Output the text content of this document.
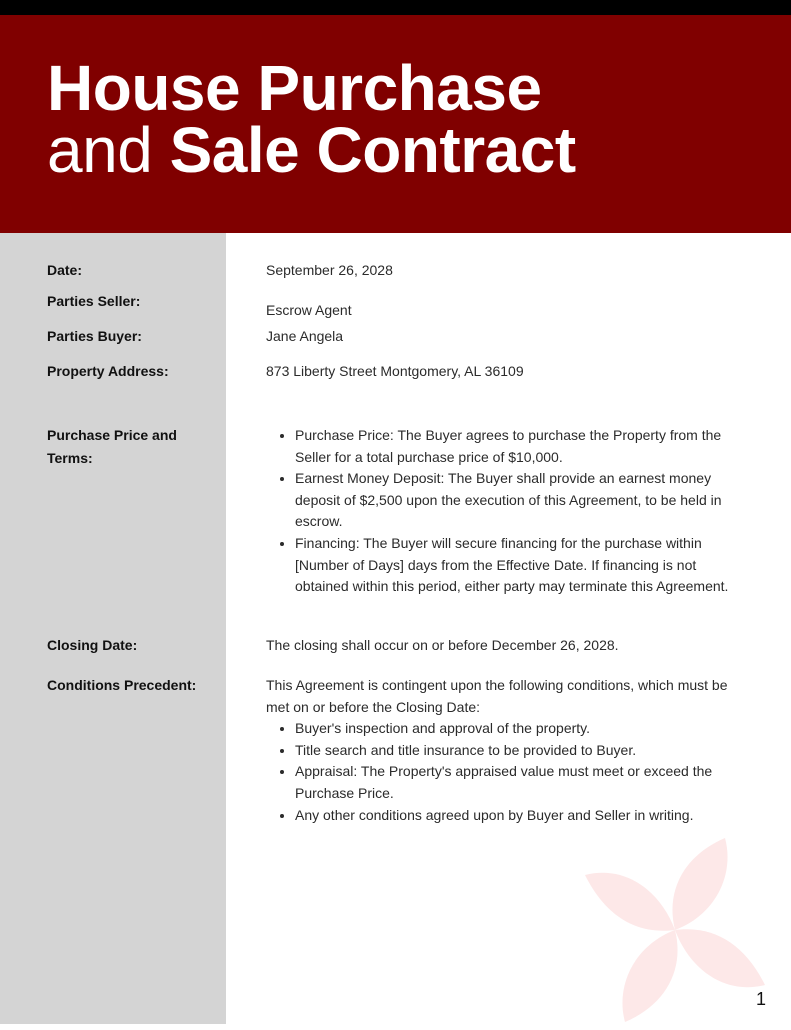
House Purchase
and Sale Contract
Date:	September 26, 2028
Parties Seller:
Escrow Agent
Parties Buyer:	Jane Angela
Property Address:	873 Liberty Street Montgomery, AL 36109
Purchase Price and Terms:
• Purchase Price: The Buyer agrees to purchase the Property from the Seller for a total purchase price of $10,000.
• Earnest Money Deposit: The Buyer shall provide an earnest money deposit of $2,500 upon the execution of this Agreement, to be held in escrow.
• Financing: The Buyer will secure financing for the purchase within [Number of Days] days from the Effective Date. If financing is not obtained within this period, either party may terminate this Agreement.
Closing Date:	The closing shall occur on or before December 26, 2028.
Conditions Precedent:	This Agreement is contingent upon the following conditions, which must be met on or before the Closing Date:

• Buyer's inspection and approval of the property.
• Title search and title insurance to be provided to Buyer.
• Appraisal: The Property's appraised value must meet or exceed the Purchase Price.
• Any other conditions agreed upon by Buyer and Seller in writing.
1
